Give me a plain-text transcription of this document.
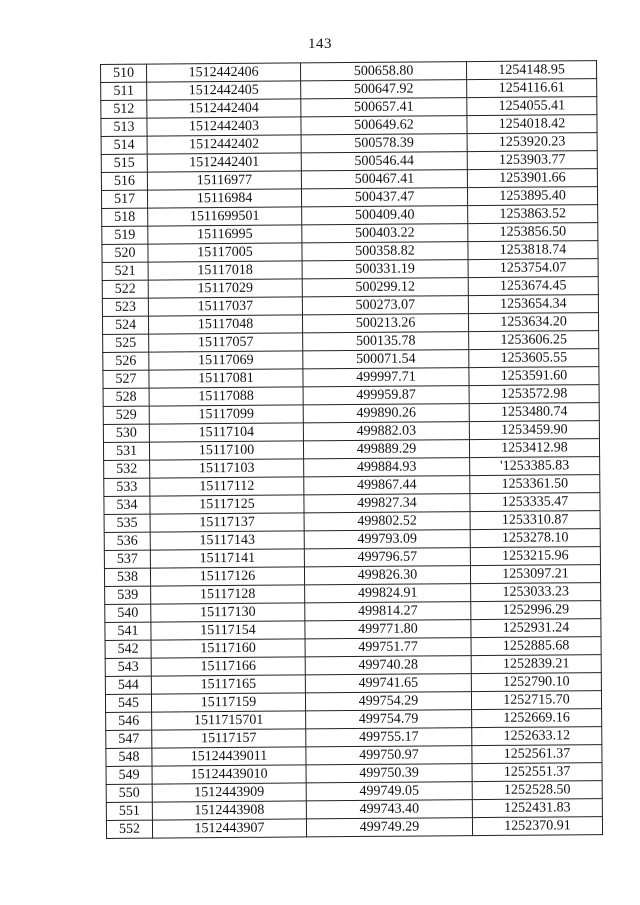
143
510	1512442406	500658.80	1254148.95
511	1512442405	500647.92	1254116.61
512	1512442404	500657.41	1254055.41
513	1512442403	500649.62	1254018.42
514	1512442402	500578.39	1253920.23
515	1512442401	500546.44	1253903.77
516	15116977	500467.41	1253901.66
517	15116984	500437.47	1253895.40
518	1511699501	500409.40	1253863.52
519	15116995	500403.22	1253856.50
520	15117005	500358.82	1253818.74
521	15117018	500331.19	1253754.07
522	15117029	500299.12	1253674.45
523	15117037	500273.07	1253654.34
524	15117048	500213.26	1253634.20
525	15117057	500135.78	1253606.25
526	15117069	500071.54	1253605.55
527	15117081	499997.71	1253591.60
528	15117088	499959.87	1253572.98
529	15117099	499890.26	1253480.74
530	15117104	499882.03	1253459.90
531	15117100	499889.29	1253412.98
532	15117103	499884.93	'1253385.83
533	15117112	499867.44	1253361.50
534	15117125	499827.34	1253335.47
535	15117137	499802.52	1253310.87
536	15117143	499793.09	1253278.10
537	15117141	499796.57	1253215.96
538	15117126	499826.30	1253097.21
539	15117128	499824.91	1253033.23
540	15117130	499814.27	1252996.29
541	15117154	499771.80	1252931.24
542	15117160	499751.77	1252885.68
543	15117166	499740.28	1252839.21
544	15117165	499741.65	1252790.10
545	15117159	499754.29	1252715.70
546	1511715701	499754.79	1252669.16
547	15117157	499755.17	1252633.12
548	15124439011	499750.97	1252561.37
549	15124439010	499750.39	1252551.37
550	1512443909	499749.05	1252528.50
551	1512443908	499743.40	1252431.83
552	1512443907	499749.29	1252370.91
